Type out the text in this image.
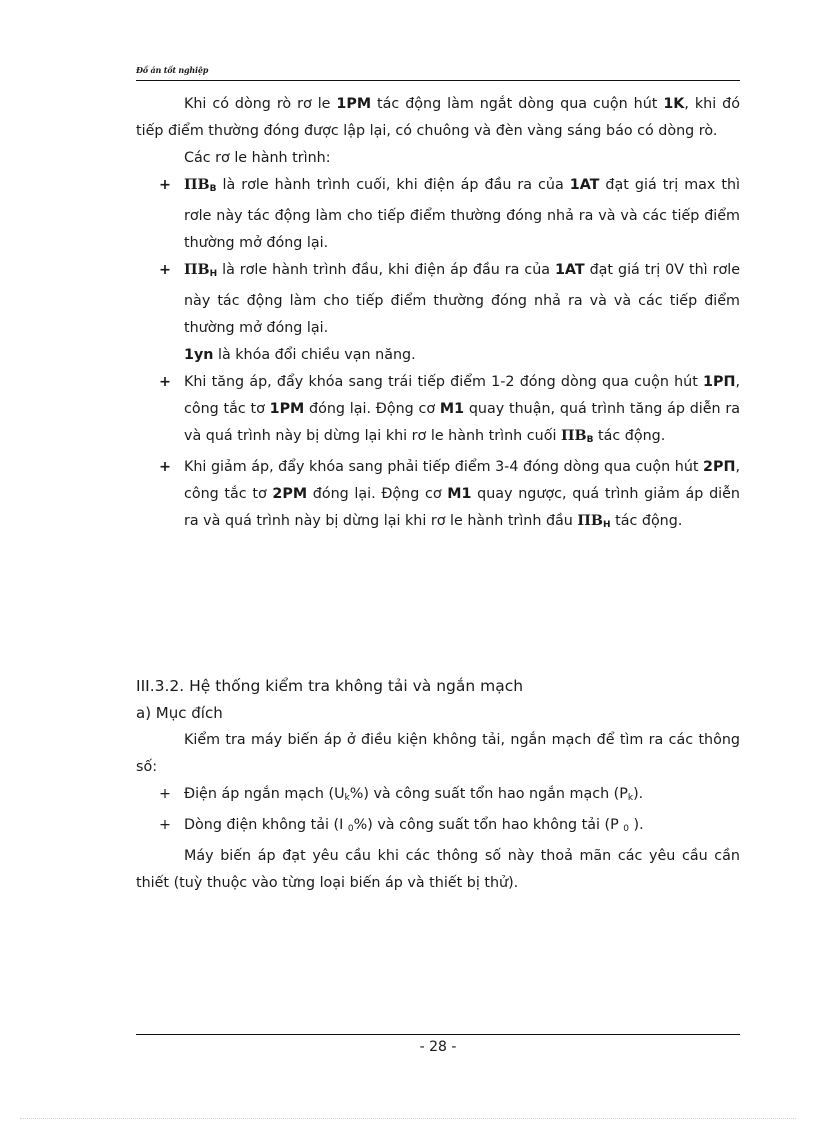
Đồ án tốt nghiệp

Khi có dòng rò rơ le 1PM tác động làm ngắt dòng qua cuộn hút 1K, khi đó tiếp điểm thường đóng được lập lại, có chuông và đèn vàng sáng báo có dòng rò.

Các rơ le hành trình:

+ $ПВ_B$ là rơle hành trình cuối, khi điện áp đầu ra của 1AT đạt giá trị max thì rơle này tác động làm cho tiếp điểm thường đóng nhả ra và và các tiếp điểm thường mở đóng lại.

+ $ПВ_H$ là rơle hành trình đầu, khi điện áp đầu ra của 1AT đạt giá trị 0V thì rơle này tác động làm cho tiếp điểm thường đóng nhả ra và và các tiếp điểm thường mở đóng lại.

1yn là khóa đổi chiều vạn năng.

+ Khi tăng áp, đẩy khóa sang trái tiếp điểm 1-2 đóng dòng qua cuộn hút 1PП, công tắc tơ 1PM đóng lại. Động cơ M1 quay thuận, quá trình tăng áp diễn ra và quá trình này bị dừng lại khi rơ le hành trình cuối $ПВ_B$ tác động.

+ Khi giảm áp, đẩy khóa sang phải tiếp điểm 3-4 đóng dòng qua cuộn hút 2PП, công tắc tơ 2PM đóng lại. Động cơ M1 quay ngược, quá trình giảm áp diễn ra và quá trình này bị dừng lại khi rơ le hành trình đầu $ПВ_H$ tác động.

III.3.2. Hệ thống kiểm tra không tải và ngắn mạch

a) Mục đích

Kiểm tra máy biến áp ở điều kiện không tải, ngắn mạch để tìm ra các thông số:

+ Điện áp ngắn mạch (Uk%) và công suất tổn hao ngắn mạch (Pk).

+ Dòng điện không tải (I 0%) và công suất tổn hao không tải (P 0 ).

Máy biến áp đạt yêu cầu khi các thông số này thoả mãn các yêu cầu cần thiết (tuỳ thuộc vào từng loại biến áp và thiết bị thử).

- 28 -
